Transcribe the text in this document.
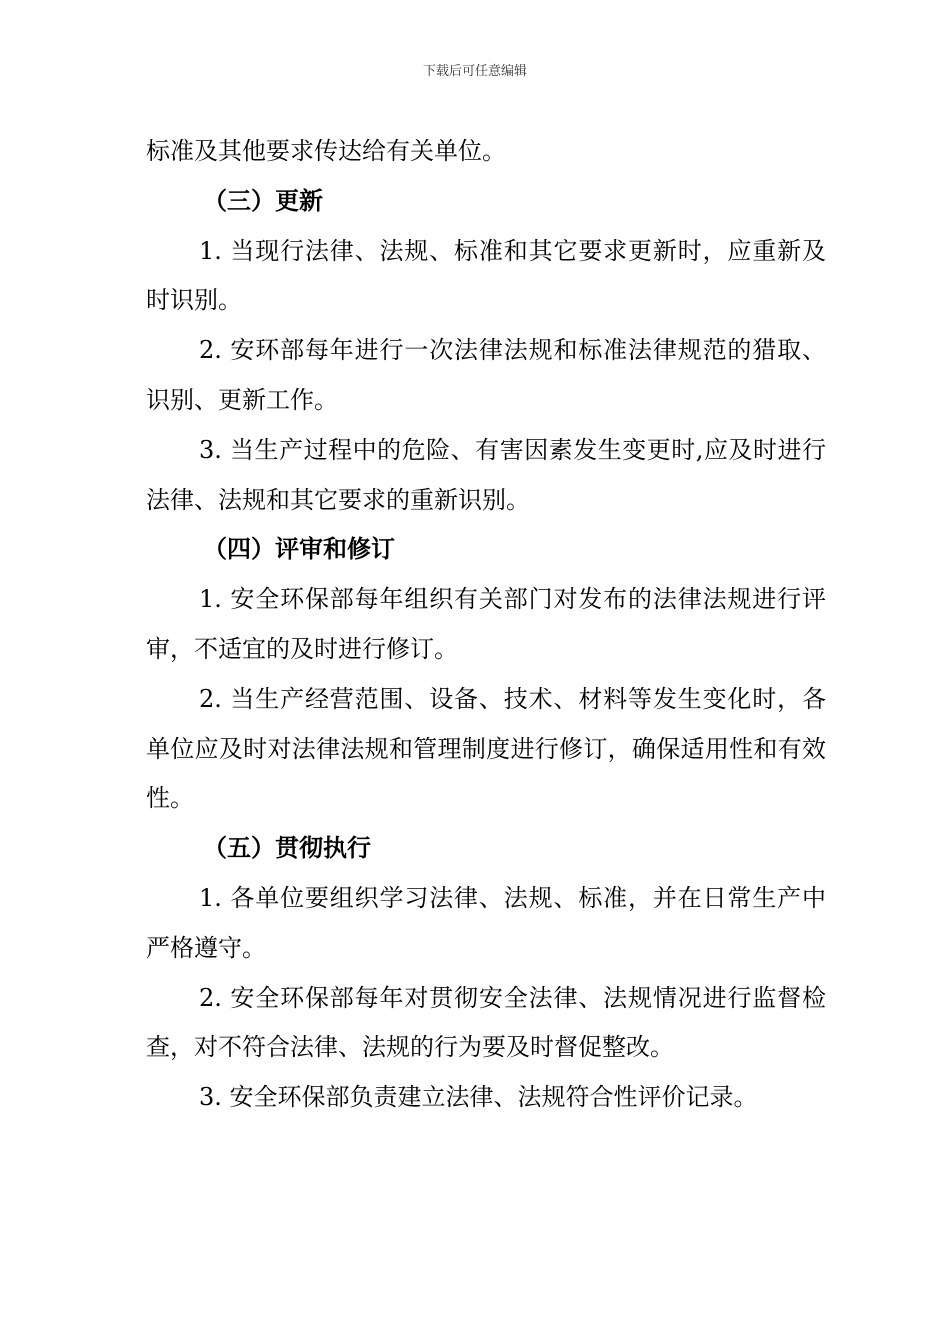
下载后可任意编辑

标准及其他要求传达给有关单位。

（三）更新

1. 当现行法律、法规、标准和其它要求更新时，应重新及时识别。

2. 安环部每年进行一次法律法规和标准法律规范的猎取、识别、更新工作。

3. 当生产过程中的危险、有害因素发生变更时,应及时进行法律、法规和其它要求的重新识别。

（四）评审和修订

1. 安全环保部每年组织有关部门对发布的法律法规进行评审，不适宜的及时进行修订。

2. 当生产经营范围、设备、技术、材料等发生变化时，各单位应及时对法律法规和管理制度进行修订，确保适用性和有效性。

（五）贯彻执行

1. 各单位要组织学习法律、法规、标准，并在日常生产中严格遵守。

2. 安全环保部每年对贯彻安全法律、法规情况进行监督检查，对不符合法律、法规的行为要及时督促整改。

3. 安全环保部负责建立法律、法规符合性评价记录。
